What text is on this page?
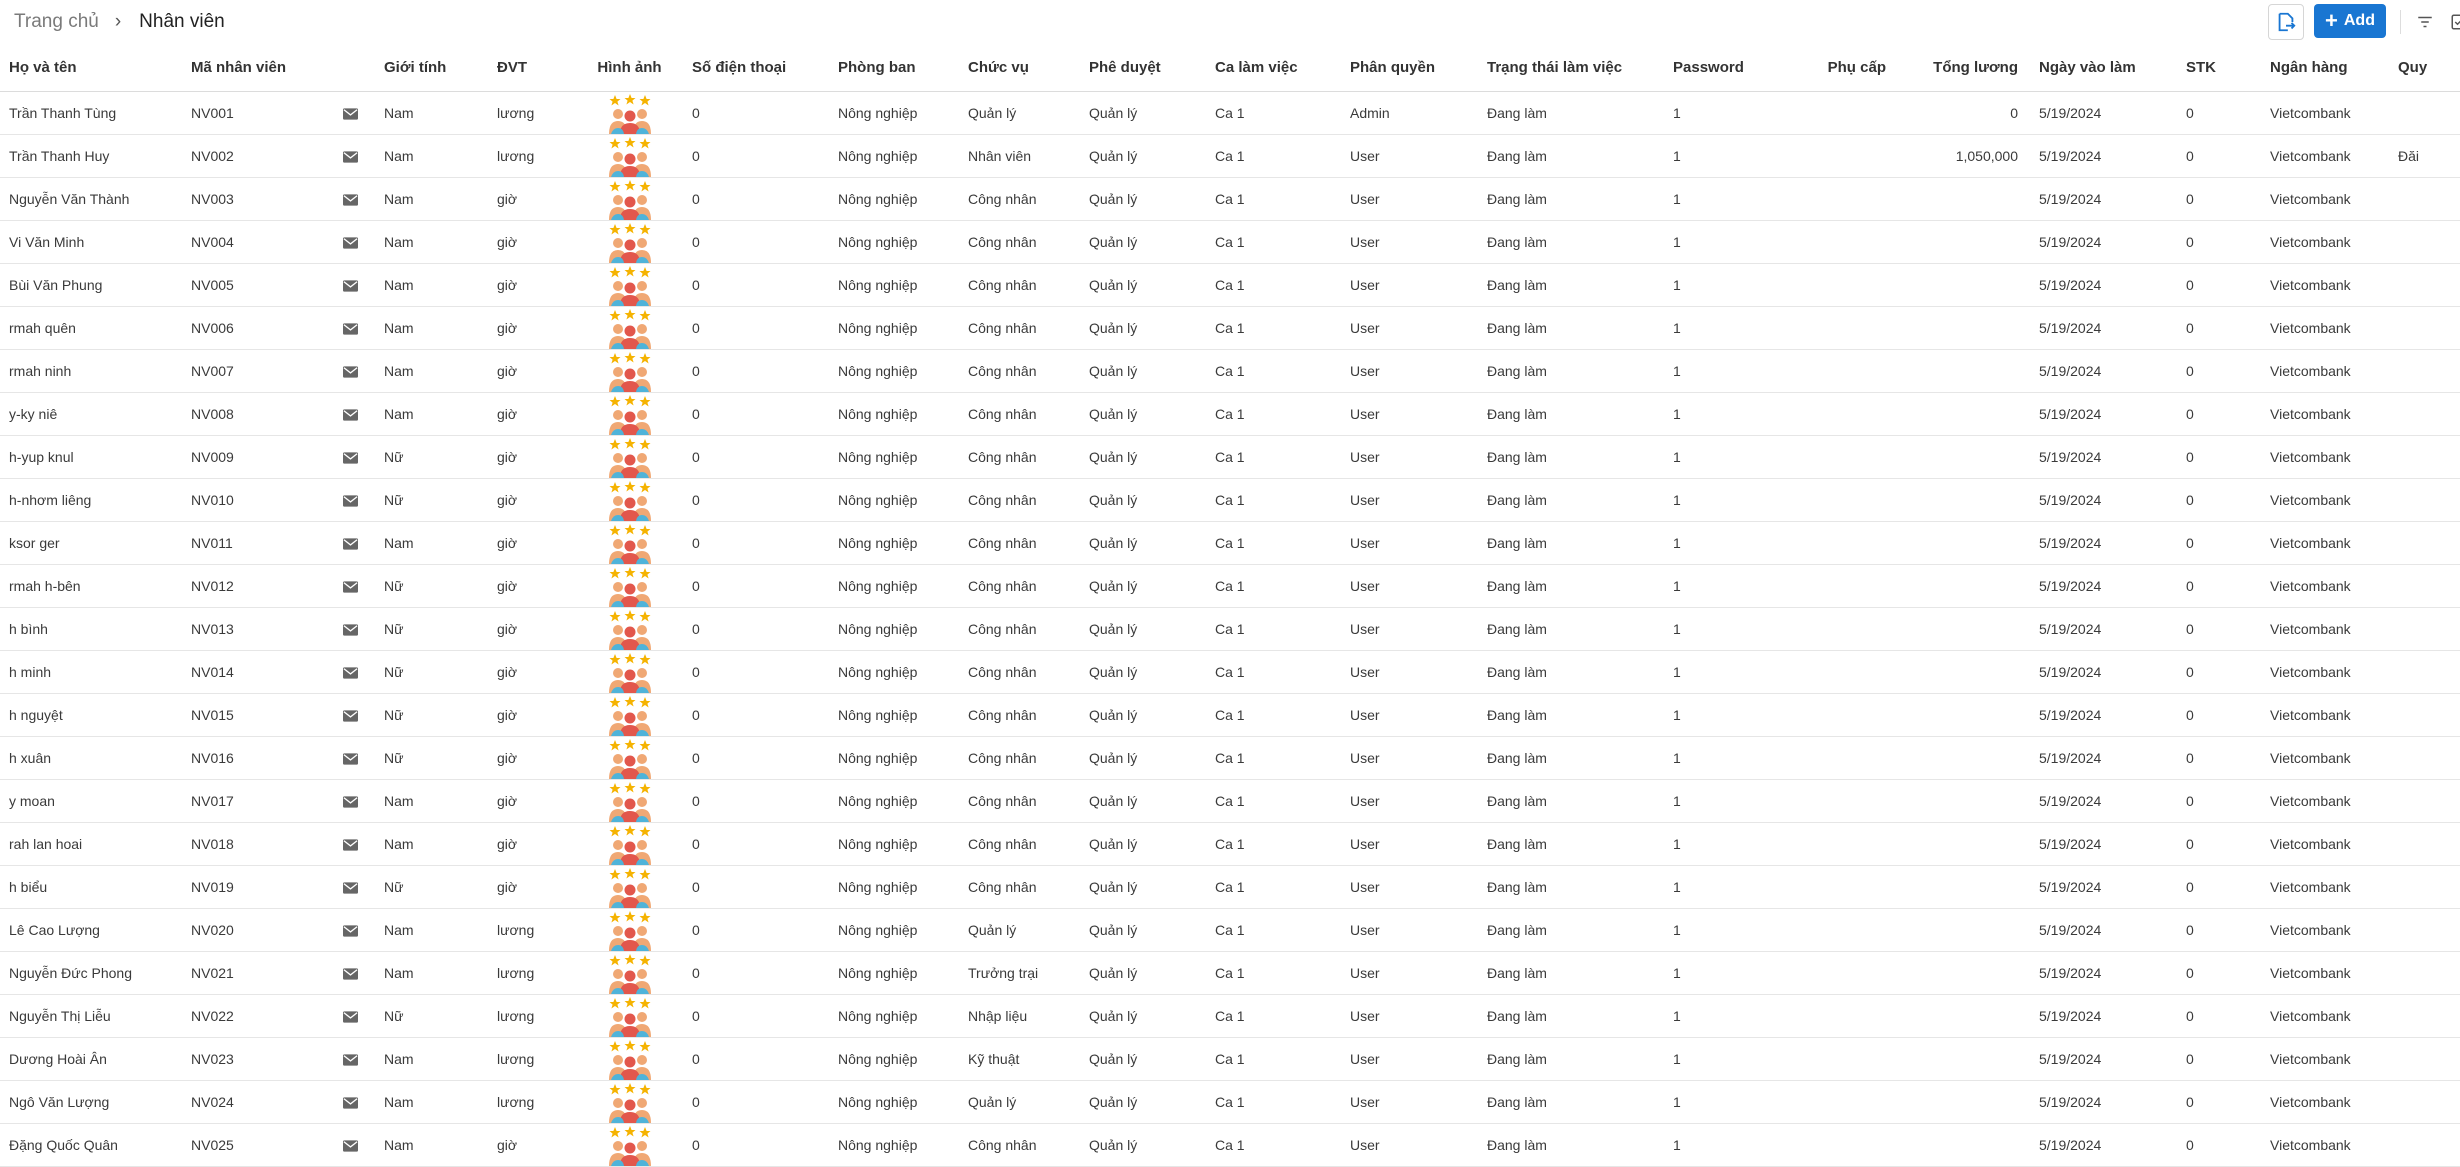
Trang chủ › Nhân viên	+ Add
Họ và tên	Mã nhân viên		Giới tính	ĐVT	Hình ảnh	Số điện thoại	Phòng ban	Chức vụ	Phê duyệt	Ca làm việc	Phân quyền	Trạng thái làm việc	Password	Phụ cấp	Tổng lương	Ngày vào làm	STK	Ngân hàng	Quy
Trần Thanh Tùng	NV001		Nam	lương		0	Nông nghiệp	Quản lý	Quản lý	Ca 1	Admin	Đang làm	1		0	5/19/2024	0	Vietcombank	
Trần Thanh Huy	NV002		Nam	lương		0	Nông nghiệp	Nhân viên	Quản lý	Ca 1	User	Đang làm	1		1,050,000	5/19/2024	0	Vietcombank	Đăi
Nguyễn Văn Thành	NV003		Nam	giờ		0	Nông nghiệp	Công nhân	Quản lý	Ca 1	User	Đang làm	1			5/19/2024	0	Vietcombank	
Vi Văn Minh	NV004		Nam	giờ		0	Nông nghiệp	Công nhân	Quản lý	Ca 1	User	Đang làm	1			5/19/2024	0	Vietcombank	
Bùi Văn Phung	NV005		Nam	giờ		0	Nông nghiệp	Công nhân	Quản lý	Ca 1	User	Đang làm	1			5/19/2024	0	Vietcombank	
rmah quên	NV006		Nam	giờ		0	Nông nghiệp	Công nhân	Quản lý	Ca 1	User	Đang làm	1			5/19/2024	0	Vietcombank	
rmah ninh	NV007		Nam	giờ		0	Nông nghiệp	Công nhân	Quản lý	Ca 1	User	Đang làm	1			5/19/2024	0	Vietcombank	
y-ky niê	NV008		Nam	giờ		0	Nông nghiệp	Công nhân	Quản lý	Ca 1	User	Đang làm	1			5/19/2024	0	Vietcombank	
h-yup knul	NV009		Nữ	giờ		0	Nông nghiệp	Công nhân	Quản lý	Ca 1	User	Đang làm	1			5/19/2024	0	Vietcombank	
h-nhơm liêng	NV010		Nữ	giờ		0	Nông nghiệp	Công nhân	Quản lý	Ca 1	User	Đang làm	1			5/19/2024	0	Vietcombank	
ksor ger	NV011		Nam	giờ		0	Nông nghiệp	Công nhân	Quản lý	Ca 1	User	Đang làm	1			5/19/2024	0	Vietcombank	
rmah h-bên	NV012		Nữ	giờ		0	Nông nghiệp	Công nhân	Quản lý	Ca 1	User	Đang làm	1			5/19/2024	0	Vietcombank	
h bình	NV013		Nữ	giờ		0	Nông nghiệp	Công nhân	Quản lý	Ca 1	User	Đang làm	1			5/19/2024	0	Vietcombank	
h minh	NV014		Nữ	giờ		0	Nông nghiệp	Công nhân	Quản lý	Ca 1	User	Đang làm	1			5/19/2024	0	Vietcombank	
h nguyệt	NV015		Nữ	giờ		0	Nông nghiệp	Công nhân	Quản lý	Ca 1	User	Đang làm	1			5/19/2024	0	Vietcombank	
h xuân	NV016		Nữ	giờ		0	Nông nghiệp	Công nhân	Quản lý	Ca 1	User	Đang làm	1			5/19/2024	0	Vietcombank	
y moan	NV017		Nam	giờ		0	Nông nghiệp	Công nhân	Quản lý	Ca 1	User	Đang làm	1			5/19/2024	0	Vietcombank	
rah lan hoai	NV018		Nam	giờ		0	Nông nghiệp	Công nhân	Quản lý	Ca 1	User	Đang làm	1			5/19/2024	0	Vietcombank	
h biểu	NV019		Nữ	giờ		0	Nông nghiệp	Công nhân	Quản lý	Ca 1	User	Đang làm	1			5/19/2024	0	Vietcombank	
Lê Cao Lượng	NV020		Nam	lương		0	Nông nghiệp	Quản lý	Quản lý	Ca 1	User	Đang làm	1			5/19/2024	0	Vietcombank	
Nguyễn Đức Phong	NV021		Nam	lương		0	Nông nghiệp	Trưởng trại	Quản lý	Ca 1	User	Đang làm	1			5/19/2024	0	Vietcombank	
Nguyễn Thị Liễu	NV022		Nữ	lương		0	Nông nghiệp	Nhập liệu	Quản lý	Ca 1	User	Đang làm	1			5/19/2024	0	Vietcombank	
Dương Hoài Ân	NV023		Nam	lương		0	Nông nghiệp	Kỹ thuật	Quản lý	Ca 1	User	Đang làm	1			5/19/2024	0	Vietcombank	
Ngô Văn Lượng	NV024		Nam	lương		0	Nông nghiệp	Quản lý	Quản lý	Ca 1	User	Đang làm	1			5/19/2024	0	Vietcombank	
Đặng Quốc Quân	NV025		Nam	giờ		0	Nông nghiệp	Công nhân	Quản lý	Ca 1	User	Đang làm	1			5/19/2024	0	Vietcombank	
